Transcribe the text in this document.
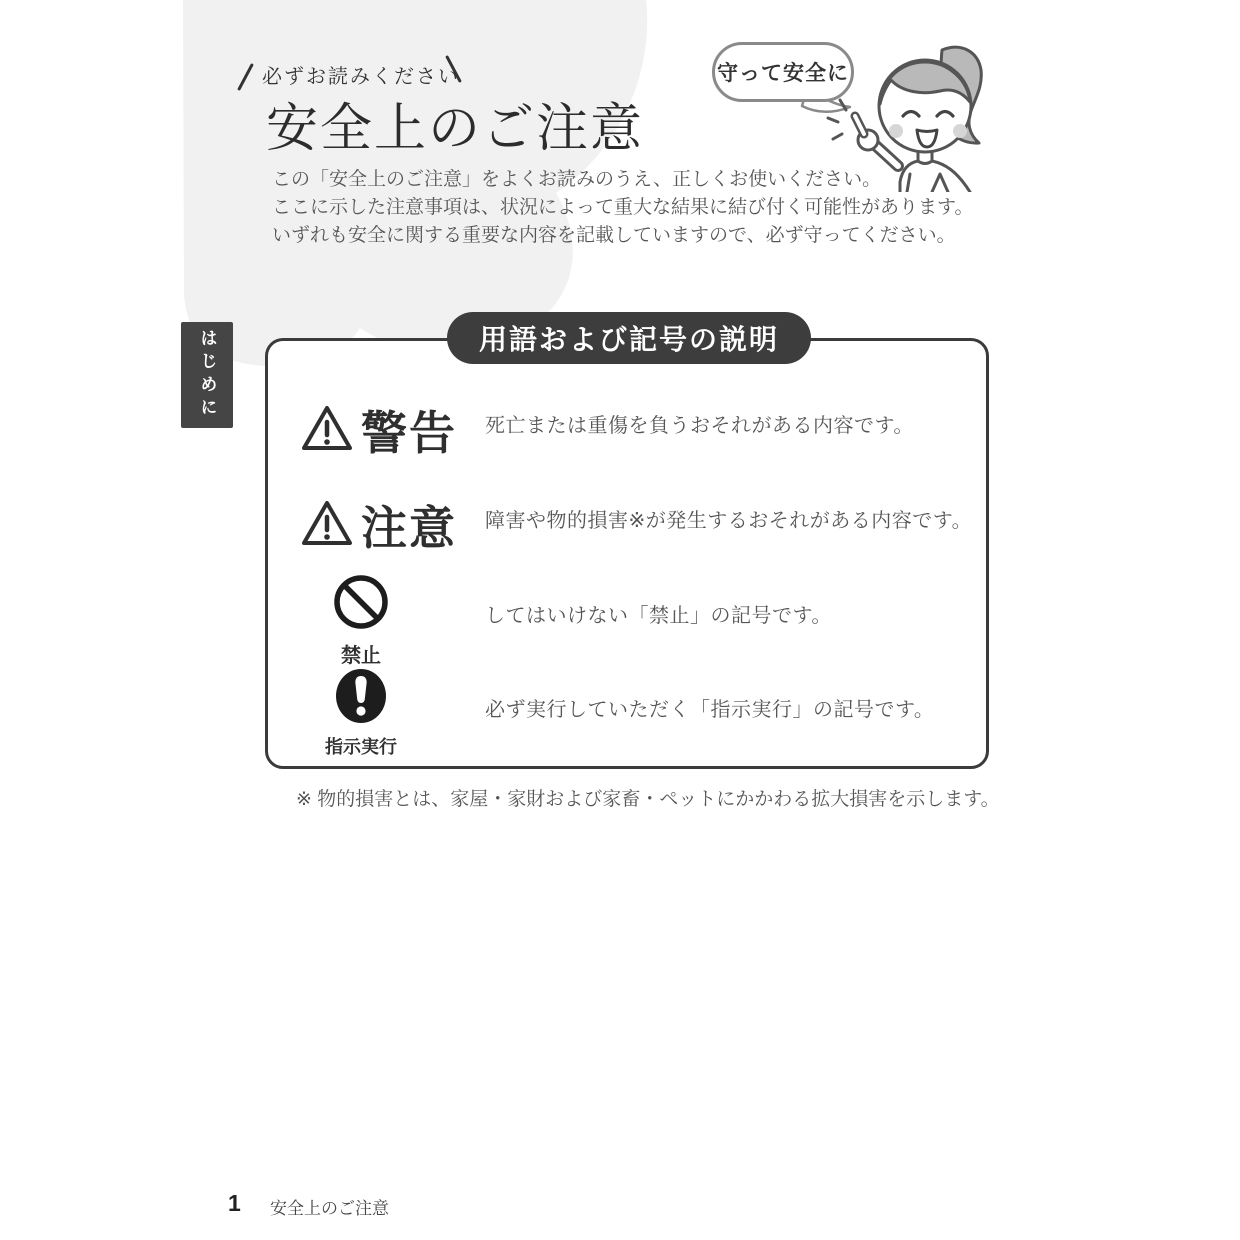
必ずお読みください
安全上のご注意
この「安全上のご注意」をよくお読みのうえ、正しくお使いください。
ここに示した注意事項は、状況によって重大な結果に結び付く可能性があります。
いずれも安全に関する重要な内容を記載していますので、必ず守ってください。
守って安全に
はじめに	用語および記号の説明
警告 死亡または重傷を負うおそれがある内容です。
注意 障害や物的損害※が発生するおそれがある内容です。
禁止
してはいけない「禁止」の記号です。
指示実行
必ず実行していただく「指示実行」の記号です。
※ 物的損害とは、家屋・家財および家畜・ペットにかかわる拡大損害を示します。
1 安全上のご注意
